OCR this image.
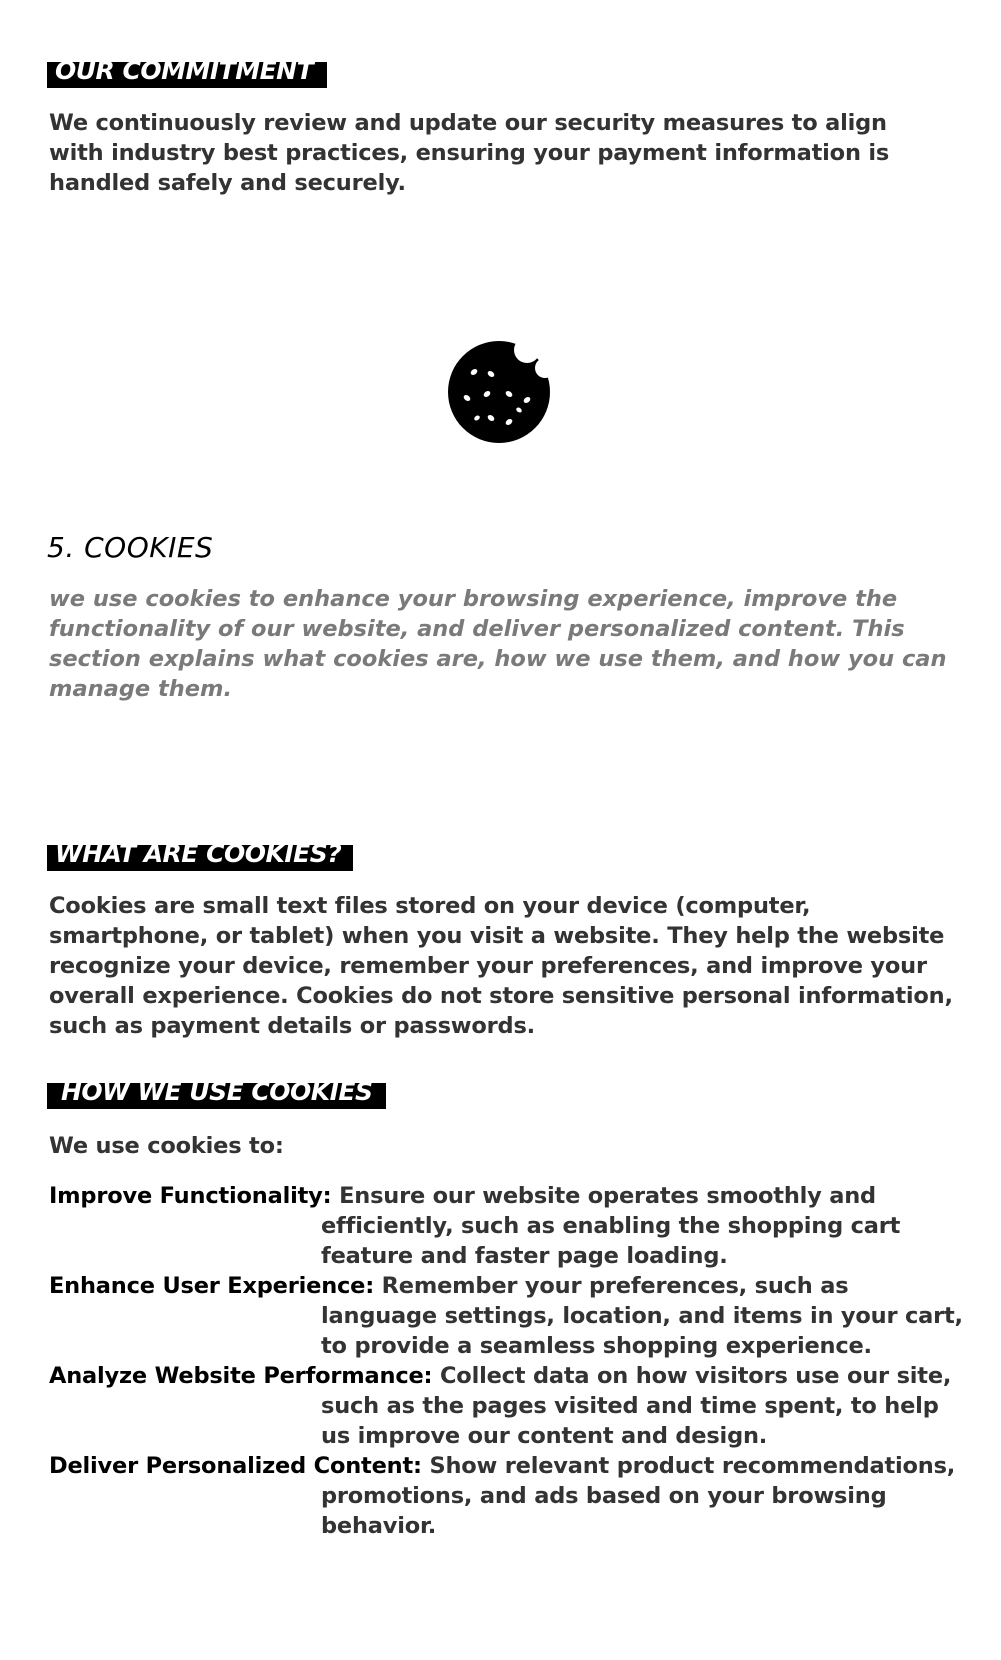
OUR COMMITMENT

We continuously review and update our security measures to align with industry best practices, ensuring your payment information is handled safely and securely.

5. COOKIES

we use cookies to enhance your browsing experience, improve the functionality of our website, and deliver personalized content. This section explains what cookies are, how we use them, and how you can manage them.

WHAT ARE COOKIES?

Cookies are small text files stored on your device (computer, smartphone, or tablet) when you visit a website. They help the website recognize your device, remember your preferences, and improve your overall experience. Cookies do not store sensitive personal information, such as payment details or passwords.

HOW WE USE COOKIES

We use cookies to:

Improve Functionality: Ensure our website operates smoothly and efficiently, such as enabling the shopping cart feature and faster page loading.
Enhance User Experience: Remember your preferences, such as language settings, location, and items in your cart, to provide a seamless shopping experience.
Analyze Website Performance: Collect data on how visitors use our site, such as the pages visited and time spent, to help us improve our content and design.
Deliver Personalized Content: Show relevant product recommendations, promotions, and ads based on your browsing behavior.
